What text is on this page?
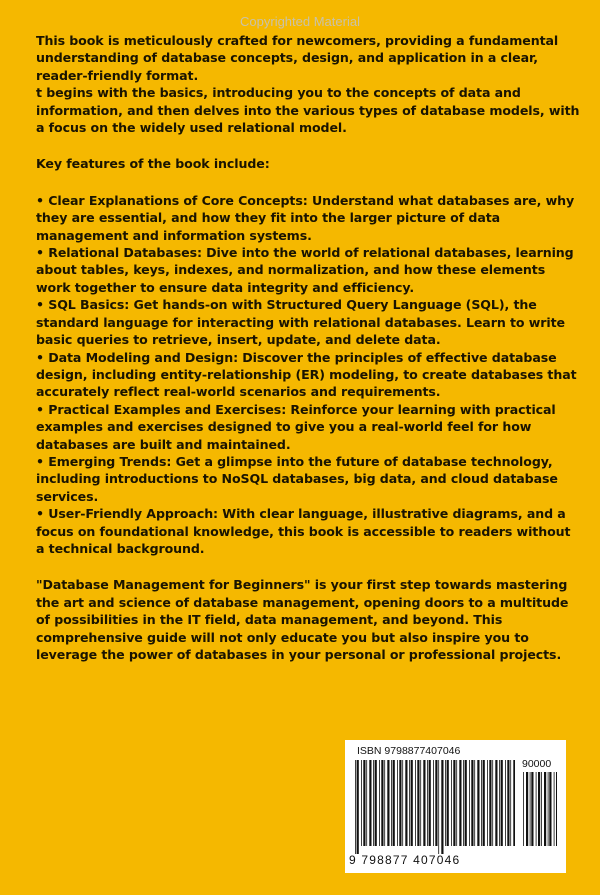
Copyrighted Material

This book is meticulously crafted for newcomers, providing a fundamental understanding of database concepts, design, and application in a clear, reader-friendly format.

t begins with the basics, introducing you to the concepts of data and information, and then delves into the various types of database models, with a focus on the widely used relational model.

Key features of the book include:

• Clear Explanations of Core Concepts: Understand what databases are, why they are essential, and how they fit into the larger picture of data management and information systems.

• Relational Databases: Dive into the world of relational databases, learning about tables, keys, indexes, and normalization, and how these elements work together to ensure data integrity and efficiency.

• SQL Basics: Get hands-on with Structured Query Language (SQL), the standard language for interacting with relational databases. Learn to write basic queries to retrieve, insert, update, and delete data.

• Data Modeling and Design: Discover the principles of effective database design, including entity-relationship (ER) modeling, to create databases that accurately reflect real-world scenarios and requirements.

• Practical Examples and Exercises: Reinforce your learning with practical examples and exercises designed to give you a real-world feel for how databases are built and maintained.

• Emerging Trends: Get a glimpse into the future of database technology, including introductions to NoSQL databases, big data, and cloud database services.

• User-Friendly Approach: With clear language, illustrative diagrams, and a focus on foundational knowledge, this book is accessible to readers without a technical background.

"Database Management for Beginners" is your first step towards mastering the art and science of database management, opening doors to a multitude of possibilities in the IT field, data management, and beyond. This comprehensive guide will not only educate you but also inspire you to leverage the power of databases in your personal or professional projects.

ISBN 9798877407046
90000
9 798877 407046
